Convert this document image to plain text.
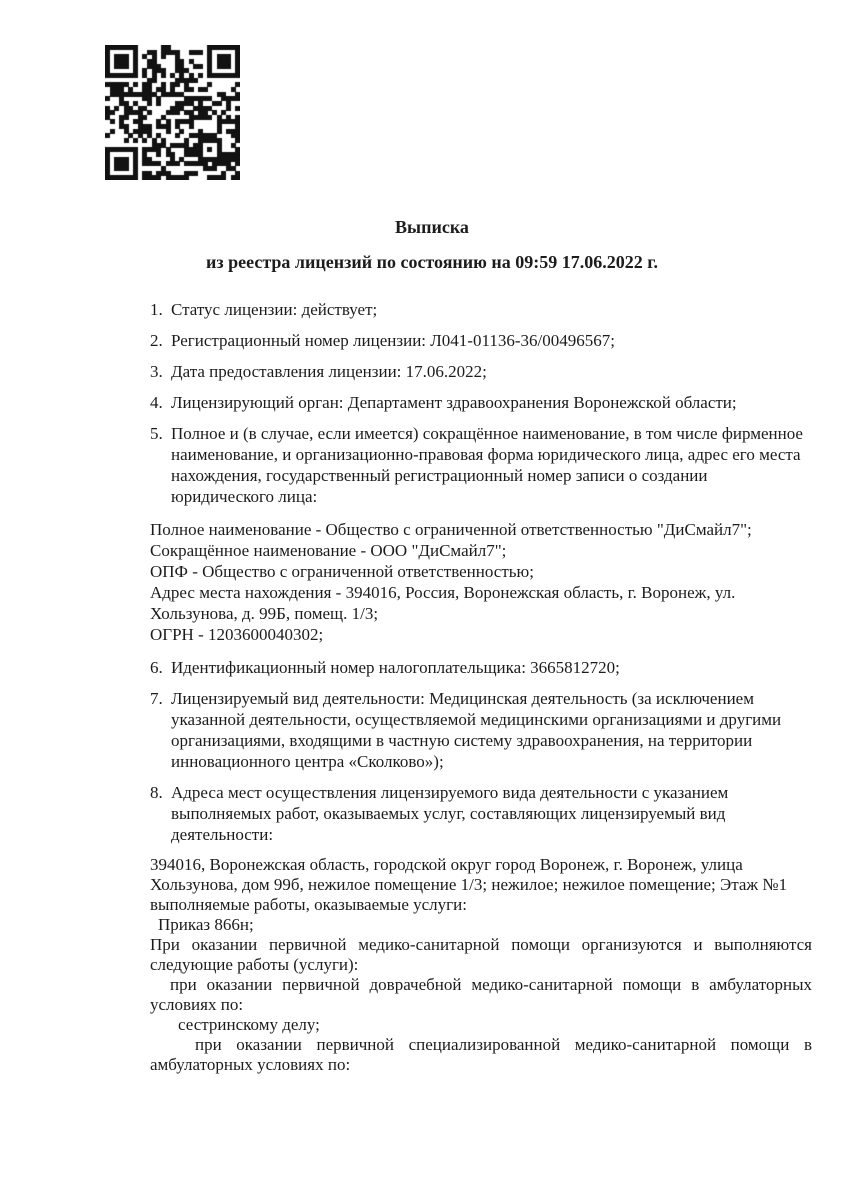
Выписка
из реестра лицензий по состоянию на 09:59 17.06.2022 г.
1. Статус лицензии: действует;
2. Регистрационный номер лицензии: Л041-01136-36/00496567;
3. Дата предоставления лицензии: 17.06.2022;
4. Лицензирующий орган: Департамент здравоохранения Воронежской области;
5. Полное и (в случае, если имеется) сокращённое наименование, в том числе фирменное наименование, и организационно-правовая форма юридического лица, адрес его места нахождения, государственный регистрационный номер записи о создании юридического лица:

Полное наименование - Общество с ограниченной ответственностью "ДиСмайл7";

Сокращённое наименование - ООО "ДиСмайл7";

ОПФ - Общество с ограниченной ответственностью;

Адрес места нахождения - 394016, Россия, Воронежская область, г. Воронеж, ул. Хользунова, д. 99Б, помещ. 1/3;

ОГРН - 1203600040302;

6. Идентификационный номер налогоплательщика: 3665812720;
7. Лицензируемый вид деятельности: Медицинская деятельность (за исключением указанной деятельности, осуществляемой медицинскими организациями и другими организациями, входящими в частную систему здравоохранения, на территории инновационного центра «Сколково»);
8. Адреса мест осуществления лицензируемого вида деятельности с указанием выполняемых работ, оказываемых услуг, составляющих лицензируемый вид деятельности:

394016, Воронежская область, городской округ город Воронеж, г. Воронеж, улица Хользунова, дом 99б, нежилое помещение 1/3; нежилое; нежилое помещение; Этаж №1

выполняемые работы, оказываемые услуги:

Приказ 866н;

При оказании первичной медико-санитарной помощи организуются и выполняются следующие работы (услуги):

при оказании первичной доврачебной медико-санитарной помощи в амбулаторных условиях по:

сестринскому делу;

при оказании первичной специализированной медико-санитарной помощи в амбулаторных условиях по:
